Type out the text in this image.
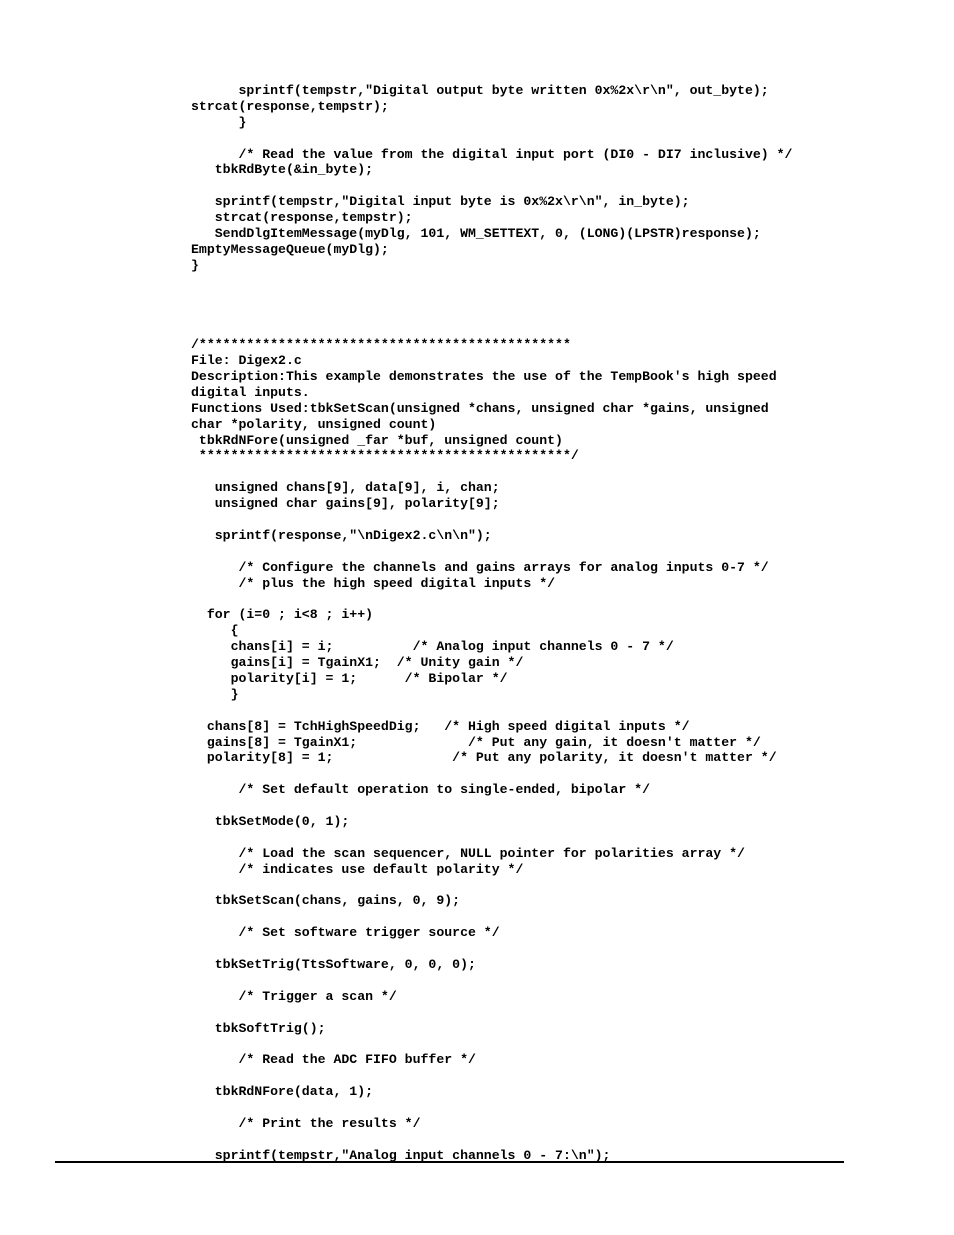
sprintf(tempstr,"Digital output byte written 0x%2x\r\n", out_byte);
strcat(response,tempstr);
}
/* Read the value from the digital input port (DI0 - DI7 inclusive) */
tbkRdByte(&in_byte);
sprintf(tempstr,"Digital input byte is 0x%2x\r\n", in_byte);
strcat(response,tempstr);
SendDlgItemMessage(myDlg, 101, WM_SETTEXT, 0, (LONG)(LPSTR)response);
EmptyMessageQueue(myDlg);
}
/***********************************************
File: Digex2.c
Description:This example demonstrates the use of the TempBook's high speed
digital inputs.
Functions Used:tbkSetScan(unsigned *chans, unsigned char *gains, unsigned
char *polarity, unsigned count)
tbkRdNFore(unsigned _far *buf, unsigned count)
***********************************************/
unsigned chans[9], data[9], i, chan;
unsigned char gains[9], polarity[9];
sprintf(response,"\nDigex2.c\n\n");
/* Configure the channels and gains arrays for analog inputs 0-7 */
/* plus the high speed digital inputs */
for (i=0 ; i<8 ; i++)
{
chans[i] = i;          /* Analog input channels 0 - 7 */
gains[i] = TgainX1;  /* Unity gain */
polarity[i] = 1;      /* Bipolar */
}
chans[8] = TchHighSpeedDig;   /* High speed digital inputs */
gains[8] = TgainX1;              /* Put any gain, it doesn't matter */
polarity[8] = 1;               /* Put any polarity, it doesn't matter */
/* Set default operation to single-ended, bipolar */
tbkSetMode(0, 1);
/* Load the scan sequencer, NULL pointer for polarities array */
/* indicates use default polarity */
tbkSetScan(chans, gains, 0, 9);
/* Set software trigger source */
tbkSetTrig(TtsSoftware, 0, 0, 0);
/* Trigger a scan */
tbkSoftTrig();
/* Read the ADC FIFO buffer */
tbkRdNFore(data, 1);
/* Print the results */
sprintf(tempstr,"Analog input channels 0 - 7:\n");
